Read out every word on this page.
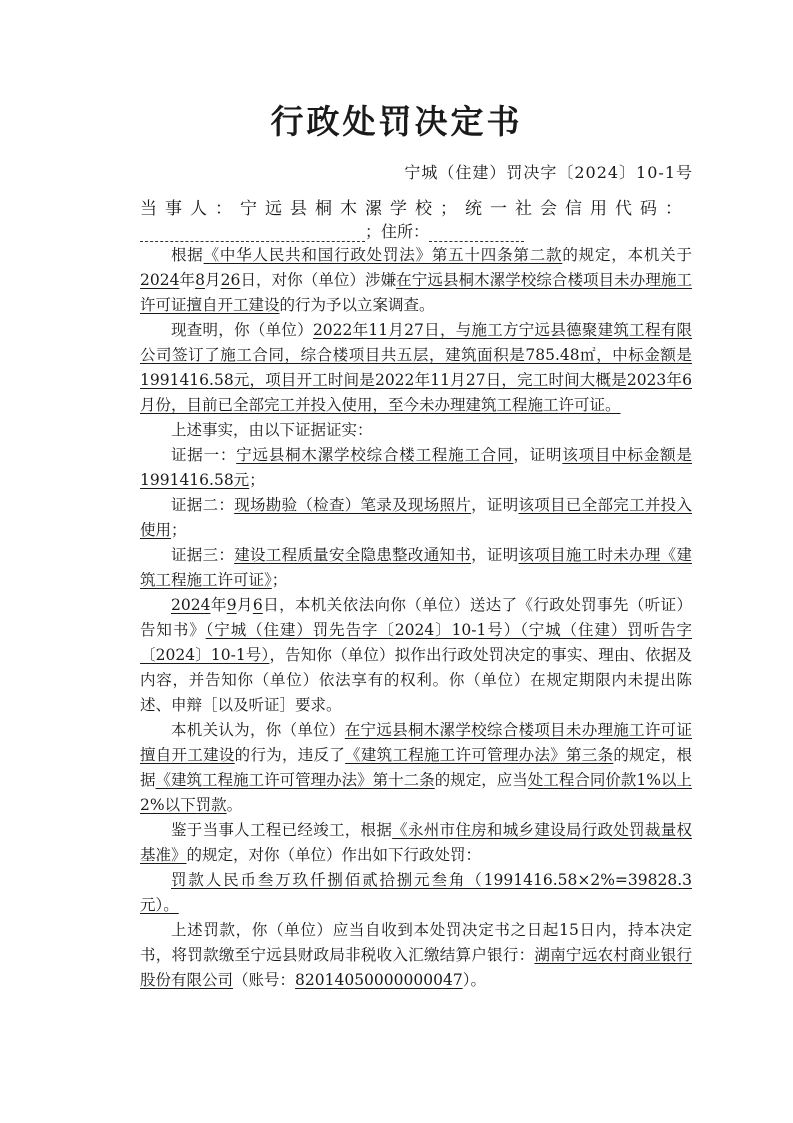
行政处罚决定书
宁城（住建）罚决字〔2024〕10-1号
当事人：宁远县桐木漯学校；统一社会信用代码：
；住所：

根据《中华人民共和国行政处罚法》第五十四条第二款的规定，本机关于2024年8月26日，对你（单位）涉嫌在宁远县桐木漯学校综合楼项目未办理施工许可证擅自开工建设的行为予以立案调查。

现查明，你（单位）2022年11月27日，与施工方宁远县德聚建筑工程有限公司签订了施工合同，综合楼项目共五层，建筑面积是785.48㎡，中标金额是1991416.58元，项目开工时间是2022年11月27日，完工时间大概是2023年6月份，目前已全部完工并投入使用，至今未办理建筑工程施工许可证。

上述事实，由以下证据证实：

证据一：宁远县桐木漯学校综合楼工程施工合同，证明该项目中标金额是1991416.58元；

证据二：现场勘验（检查）笔录及现场照片，证明该项目已全部完工并投入使用；

证据三：建设工程质量安全隐患整改通知书，证明该项目施工时未办理《建筑工程施工许可证》；

2024年9月6日，本机关依法向你（单位）送达了《行政处罚事先（听证）告知书》（宁城（住建）罚先告字〔2024〕10-1号）（宁城（住建）罚听告字〔2024〕10-1号），告知你（单位）拟作出行政处罚决定的事实、理由、依据及内容，并告知你（单位）依法享有的权利。你（单位）在规定期限内未提出陈述、申辩［以及听证］要求。

本机关认为，你（单位）在宁远县桐木漯学校综合楼项目未办理施工许可证擅自开工建设的行为，违反了《建筑工程施工许可管理办法》第三条的规定，根据《建筑工程施工许可管理办法》第十二条的规定，应当处工程合同价款1%以上2%以下罚款。

鉴于当事人工程已经竣工，根据《永州市住房和城乡建设局行政处罚裁量权基准》的规定，对你（单位）作出如下行政处罚：

罚款人民币叁万玖仟捌佰贰拾捌元叁角（1991416.58×2%=39828.3元）。

上述罚款，你（单位）应当自收到本处罚决定书之日起15日内，持本决定书，将罚款缴至宁远县财政局非税收入汇缴结算户银行：湖南宁远农村商业银行股份有限公司（账号：82014050000000047）。
